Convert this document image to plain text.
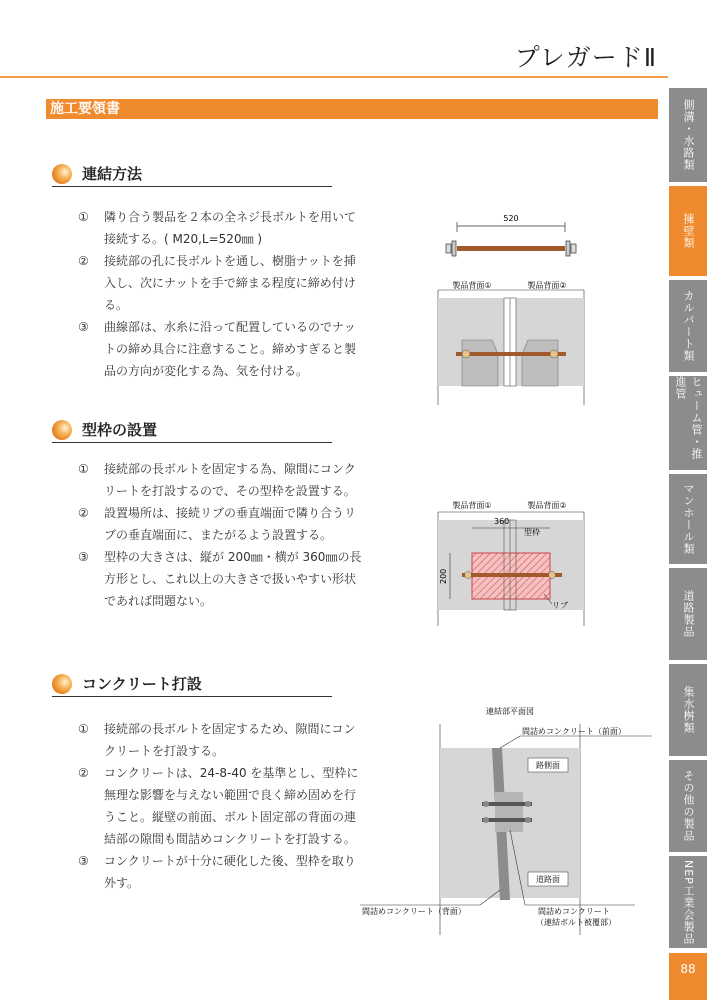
プレガードⅡ
施工要領書
連結方法
① 隣り合う製品を２本の全ネジ長ボルトを用いて接続する。( M20,L=520㎜ )
② 接続部の孔に長ボルトを通し、樹脂ナットを挿入し、次にナットを手で締まる程度に締め付ける。
③ 曲線部は、水糸に沿って配置しているのでナットの締め具合に注意すること。締めすぎると製品の方向が変化する為、気を付ける。
520
製品背面①	製品背面②
型枠の設置
① 接続部の長ボルトを固定する為、隙間にコンクリートを打設するので、その型枠を設置する。
② 設置場所は、接続リブの垂直端面で隣り合うリブの垂直端面に、またがるよう設置する。
③ 型枠の大きさは、縦が 200㎜・横が 360㎜の長方形とし、これ以上の大きさで扱いやすい形状であれば問題ない。
製品背面①	製品背面②
360
型枠
200
リブ
コンクリート打設
① 接続部の長ボルトを固定するため、隙間にコンクリートを打設する。
② コンクリートは、24-8-40 を基準とし、型枠に無理な影響を与えない範囲で良く締め固めを行うこと。縦壁の前面、ボルト固定部の背面の連結部の隙間も間詰めコンクリートを打設する。
③ コンクリートが十分に硬化した後、型枠を取り外す。
連結部平面図
間詰めコンクリート（前面）
路側面
道路面
間詰めコンクリート（背面）	間詰めコンクリート
（連結ボルト被覆部）
側溝・水路類
擁壁類
カルバート類
ヒューム管・推進管
マンホール類
道路製品
集水桝類
その他の製品
NEP工業会製品
88
